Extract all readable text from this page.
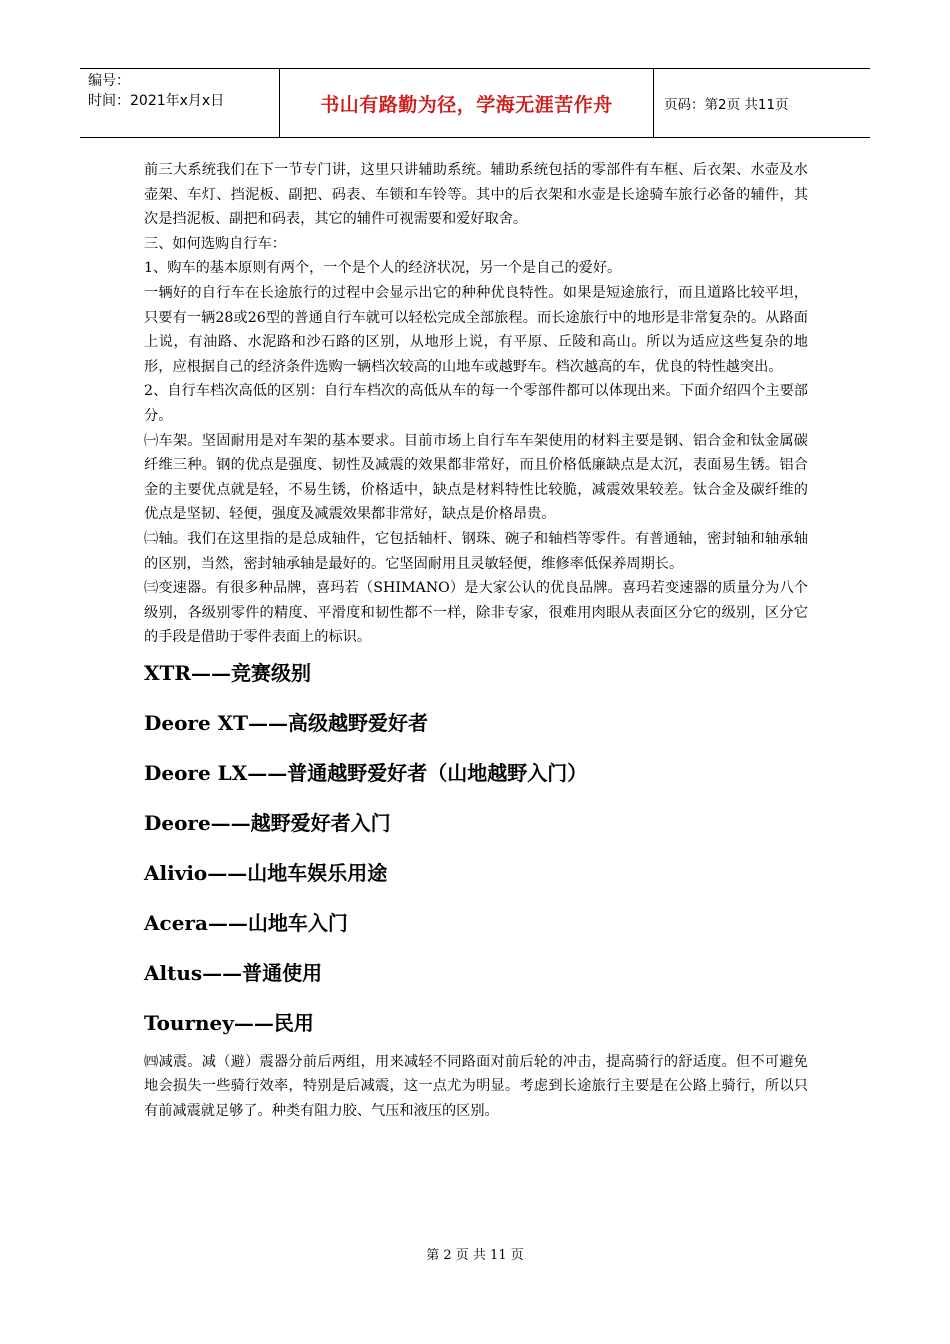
编号：
时间：2021年x月x日	书山有路勤为径，学海无涯苦作舟	页码：第2页 共11页

前三大系统我们在下一节专门讲，这里只讲辅助系统。辅助系统包括的零部件有车框、后衣架、水壶及水壶架、车灯、挡泥板、副把、码表、车锁和车铃等。其中的后衣架和水壶是长途骑车旅行必备的辅件，其次是挡泥板、副把和码表，其它的辅件可视需要和爱好取舍。

三、如何选购自行车：

1、购车的基本原则有两个，一个是个人的经济状况，另一个是自己的爱好。

一辆好的自行车在长途旅行的过程中会显示出它的种种优良特性。如果是短途旅行，而且道路比较平坦，只要有一辆28或26型的普通自行车就可以轻松完成全部旅程。而长途旅行中的地形是非常复杂的。从路面上说，有油路、水泥路和沙石路的区别，从地形上说，有平原、丘陵和高山。所以为适应这些复杂的地形，应根据自己的经济条件选购一辆档次较高的山地车或越野车。档次越高的车，优良的特性越突出。

2、自行车档次高低的区别：自行车档次的高低从车的每一个零部件都可以体现出来。下面介绍四个主要部分。

㈠车架。坚固耐用是对车架的基本要求。目前市场上自行车车架使用的材料主要是钢、铝合金和钛金属碳纤维三种。钢的优点是强度、韧性及减震的效果都非常好，而且价格低廉缺点是太沉，表面易生锈。铝合金的主要优点就是轻，不易生锈，价格适中，缺点是材料特性比较脆，减震效果较差。钛合金及碳纤维的优点是坚韧、轻便，强度及减震效果都非常好，缺点是价格昂贵。

㈡轴。我们在这里指的是总成轴件，它包括轴杆、钢珠、碗子和轴档等零件。有普通轴，密封轴和轴承轴的区别，当然，密封轴承轴是最好的。它坚固耐用且灵敏轻便，维修率低保养周期长。

㈢变速器。有很多种品牌，喜玛若（SHIMANO）是大家公认的优良品牌。喜玛若变速器的质量分为八个级别，各级别零件的精度、平滑度和韧性都不一样，除非专家，很难用肉眼从表面区分它的级别，区分它的手段是借助于零件表面上的标识。

XTR——竞赛级别
Deore XT——高级越野爱好者
Deore LX——普通越野爱好者（山地越野入门）
Deore——越野爱好者入门
Alivio——山地车娱乐用途
Acera——山地车入门
Altus——普通使用
Tourney——民用

㈣减震。减（避）震器分前后两组，用来减轻不同路面对前后轮的冲击，提高骑行的舒适度。但不可避免地会损失一些骑行效率，特别是后减震，这一点尤为明显。考虑到长途旅行主要是在公路上骑行，所以只有前减震就足够了。种类有阻力胶、气压和液压的区别。

第 2 页 共 11 页
